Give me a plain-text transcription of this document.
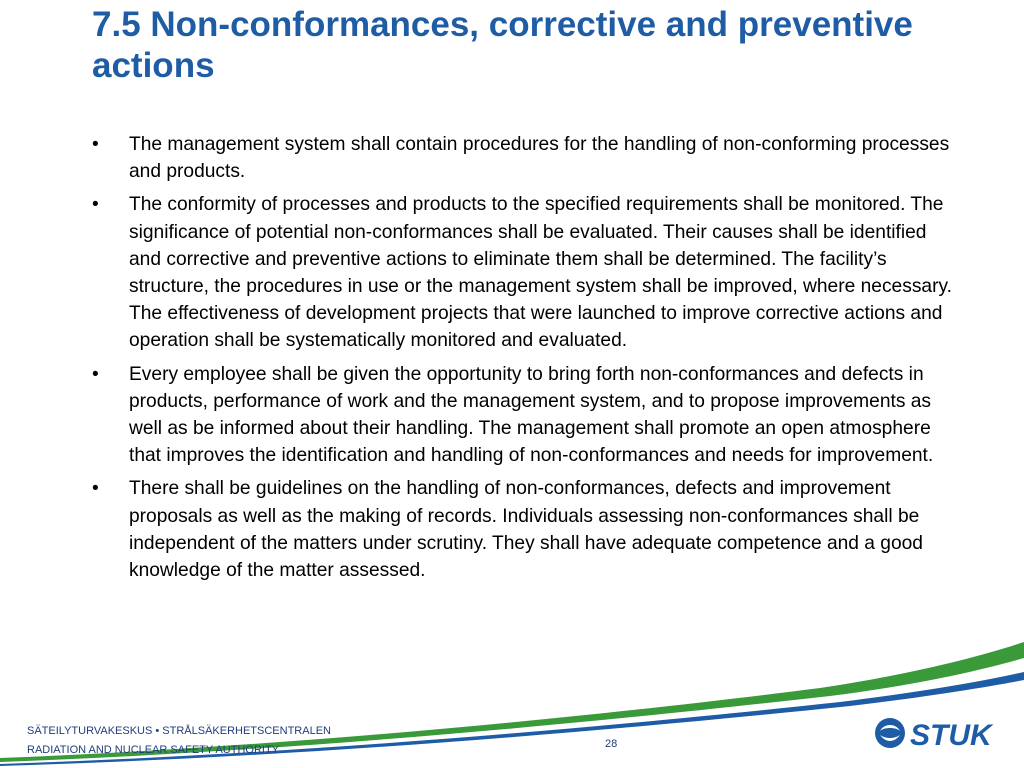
7.5 Non-conformances, corrective and preventive actions
•	The management system shall contain procedures for the handling of non-conforming processes and products.
•	The conformity of processes and products to the specified requirements shall be monitored. The significance of potential non-conformances shall be evaluated. Their causes shall be identified and corrective and preventive actions to eliminate them shall be determined. The facility’s structure, the procedures in use or the management system shall be improved, where necessary. The effectiveness of development projects that were launched to improve corrective actions and operation shall be systematically monitored and evaluated.
•	Every employee shall be given the opportunity to bring forth non-conformances and defects in products, performance of work and the management system, and to propose improvements as well as be informed about their handling. The management shall promote an open atmosphere that improves the identification and handling of non-conformances and needs for improvement.
•	There shall be guidelines on the handling of non-conformances, defects and improvement proposals as well as the making of records. Individuals assessing non-conformances shall be independent of the matters under scrutiny. They shall have adequate competence and a good knowledge of the matter assessed.
SÄTEILYTURVAKESKUS • STRÅLSÄKERHETSCENTRALEN
RADIATION AND NUCLEAR SAFETY AUTHORITY	28	STUK
